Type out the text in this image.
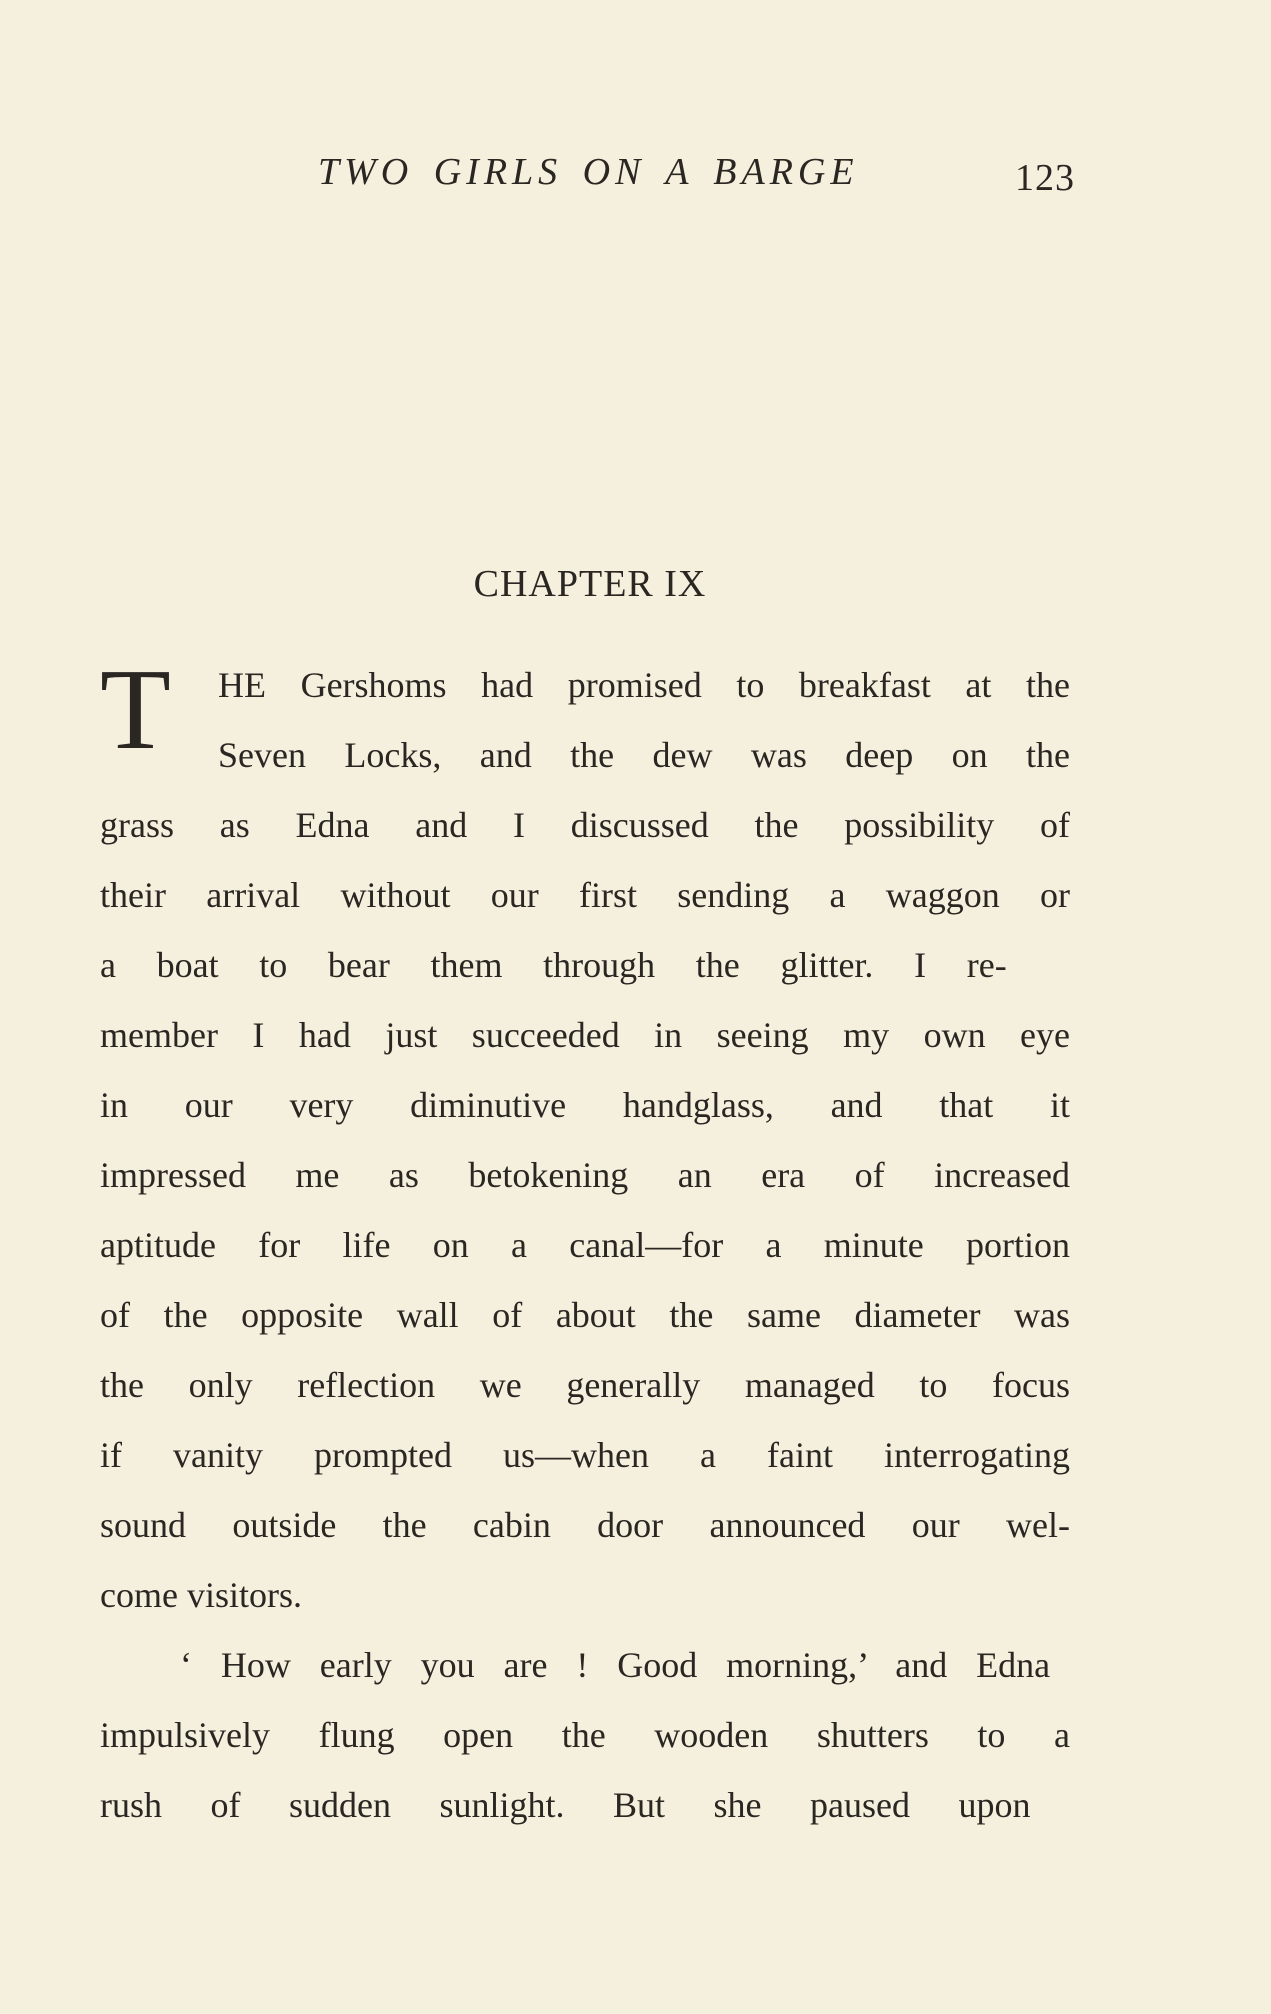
TWO GIRLS ON A BARGE	123
CHAPTER IX
T	HE Gershoms had promised to breakfast at the
Seven Locks, and the dew was deep on the
grass as Edna and I discussed the possibility of
their arrival without our first sending a waggon or
a boat to bear them through the glitter. I re-
member I had just succeeded in seeing my own eye
in our very diminutive handglass, and that it
impressed me as betokening an era of increased
aptitude for life on a canal—for a minute portion
of the opposite wall of about the same diameter was
the only reflection we generally managed to focus
if vanity prompted us—when a faint interrogating
sound outside the cabin door announced our wel-
come visitors.
‘ How early you are ! Good morning,’ and Edna
impulsively flung open the wooden shutters to a
rush of sudden sunlight. But she paused upon
